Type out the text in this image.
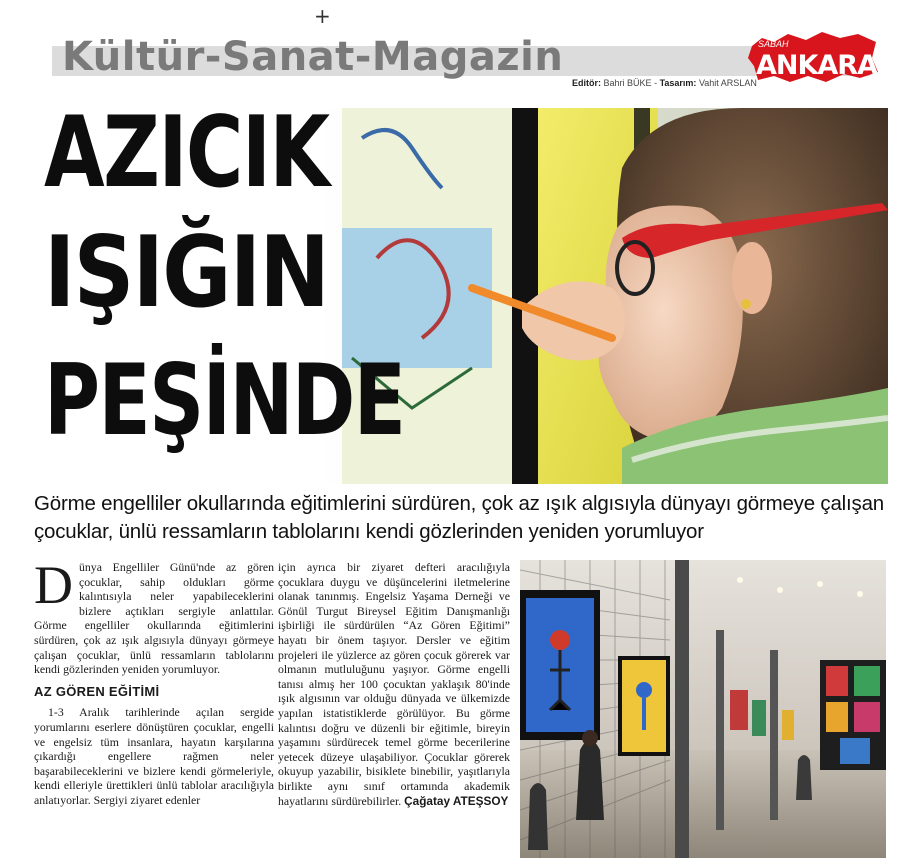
+
Kültür-Sanat-Magazin	SABAH
ANKARA
Editör: Bahri BÜKE - Tasarım: Vahit ARSLAN
AZICIK
IŞIĞIN
PEŞİNDE
Görme engelliler okullarında eğitimlerini sürdüren, çok az ışık algısıyla dünyayı görmeye çalışan çocuklar, ünlü ressamların tablolarını kendi gözlerinden yeniden yorumluyor

Dünya Engelliler Günü'nde az gören çocuklar, sahip oldukları görme kalıntısıyla neler yapabileceklerini bizlere açtıkları sergiyle anlattılar. Görme engelliler okullarında eğitimlerini sürdüren, çok az ışık algısıyla dünyayı görmeye çalışan çocuklar, ünlü ressamların tablolarını kendi gözlerinden yeniden yorumluyor.

AZ GÖREN EĞİTİMİ

1-3 Aralık tarihlerinde açılan sergide yorumlarını eserlere dönüştüren çocuklar, engelli ve engelsiz tüm insanlara, hayatın karşılarına çıkardığı engellere rağmen neler başarabileceklerini ve bizlere kendi görmeleriyle, kendi elleriyle ürettikleri ünlü tablolar aracılığıyla anlatıyorlar. Sergiyi ziyaret edenler

için ayrıca bir ziyaret defteri aracılığıyla çocuklara duygu ve düşüncelerini iletmelerine olanak tanınmış. Engelsiz Yaşama Derneği ve Gönül Turgut Bireysel Eğitim Danışmanlığı işbirliği ile sürdürülen “Az Gören Eğitimi” hayatı bir önem taşıyor. Dersler ve eğitim projeleri ile yüzlerce az gören çocuk görerek var olmanın mutluluğunu yaşıyor. Görme engelli tanısı almış her 100 çocuktan yaklaşık 80'inde ışık algısının var olduğu dünyada ve ülkemizde yapılan istatistiklerde görülüyor. Bu görme kalıntısı doğru ve düzenli bir eğitimle, bireyin yaşamını sürdürecek temel görme becerilerine yetecek düzeye ulaşabiliyor. Çocuklar görerek okuyup yazabilir, bisiklete binebilir, yaşıtlarıyla birlikte aynı sınıf ortamında akademik hayatlarını sürdürebilirler. Çağatay ATEŞSOY
